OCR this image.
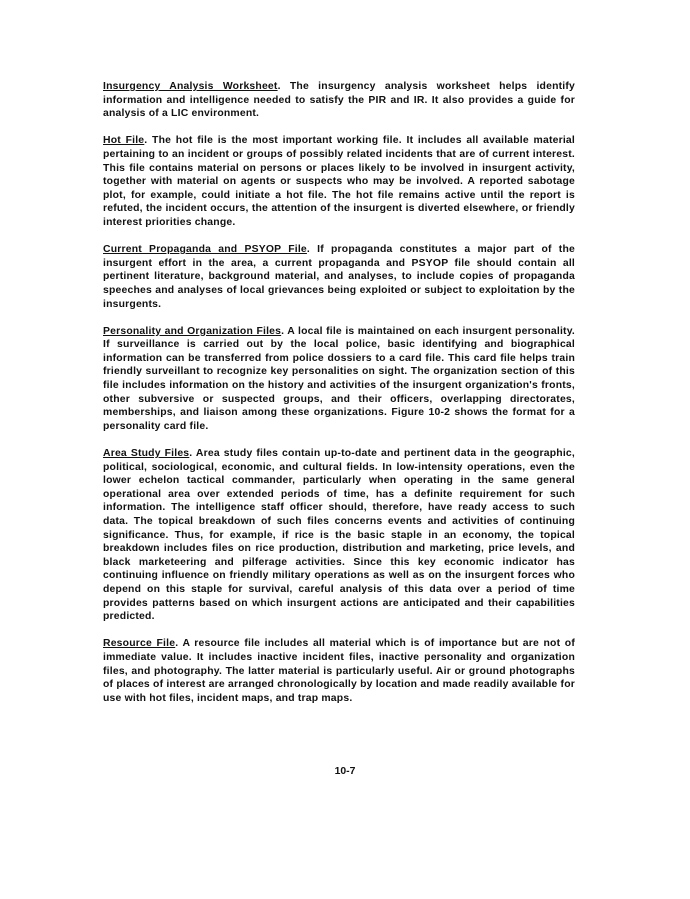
Insurgency Analysis Worksheet. The insurgency analysis worksheet helps identify information and intelligence needed to satisfy the PIR and IR. It also provides a guide for analysis of a LIC environment.

Hot File. The hot file is the most important working file. It includes all available material pertaining to an incident or groups of possibly related incidents that are of current interest. This file contains material on persons or places likely to be involved in insurgent activity, together with material on agents or suspects who may be involved. A reported sabotage plot, for example, could initiate a hot file. The hot file remains active until the report is refuted, the incident occurs, the attention of the insurgent is diverted elsewhere, or friendly interest priorities change.

Current Propaganda and PSYOP File. If propaganda constitutes a major part of the insurgent effort in the area, a current propaganda and PSYOP file should contain all pertinent literature, background material, and analyses, to include copies of propaganda speeches and analyses of local grievances being exploited or subject to exploitation by the insurgents.

Personality and Organization Files. A local file is maintained on each insurgent personality. If surveillance is carried out by the local police, basic identifying and biographical information can be transferred from police dossiers to a card file. This card file helps train friendly surveillant to recognize key personalities on sight. The organization section of this file includes information on the history and activities of the insurgent organization's fronts, other subversive or suspected groups, and their officers, overlapping directorates, memberships, and liaison among these organizations. Figure 10-2 shows the format for a personality card file.

Area Study Files. Area study files contain up-to-date and pertinent data in the geographic, political, sociological, economic, and cultural fields. In low-intensity operations, even the lower echelon tactical commander, particularly when operating in the same general operational area over extended periods of time, has a definite requirement for such information. The intelligence staff officer should, therefore, have ready access to such data. The topical breakdown of such files concerns events and activities of continuing significance. Thus, for example, if rice is the basic staple in an economy, the topical breakdown includes files on rice production, distribution and marketing, price levels, and black marketeering and pilferage activities. Since this key economic indicator has continuing influence on friendly military operations as well as on the insurgent forces who depend on this staple for survival, careful analysis of this data over a period of time provides patterns based on which insurgent actions are anticipated and their capabilities predicted.

Resource File. A resource file includes all material which is of importance but are not of immediate value. It includes inactive incident files, inactive personality and organization files, and photography. The latter material is particularly useful. Air or ground photographs of places of interest are arranged chronologically by location and made readily available for use with hot files, incident maps, and trap maps.

10-7
